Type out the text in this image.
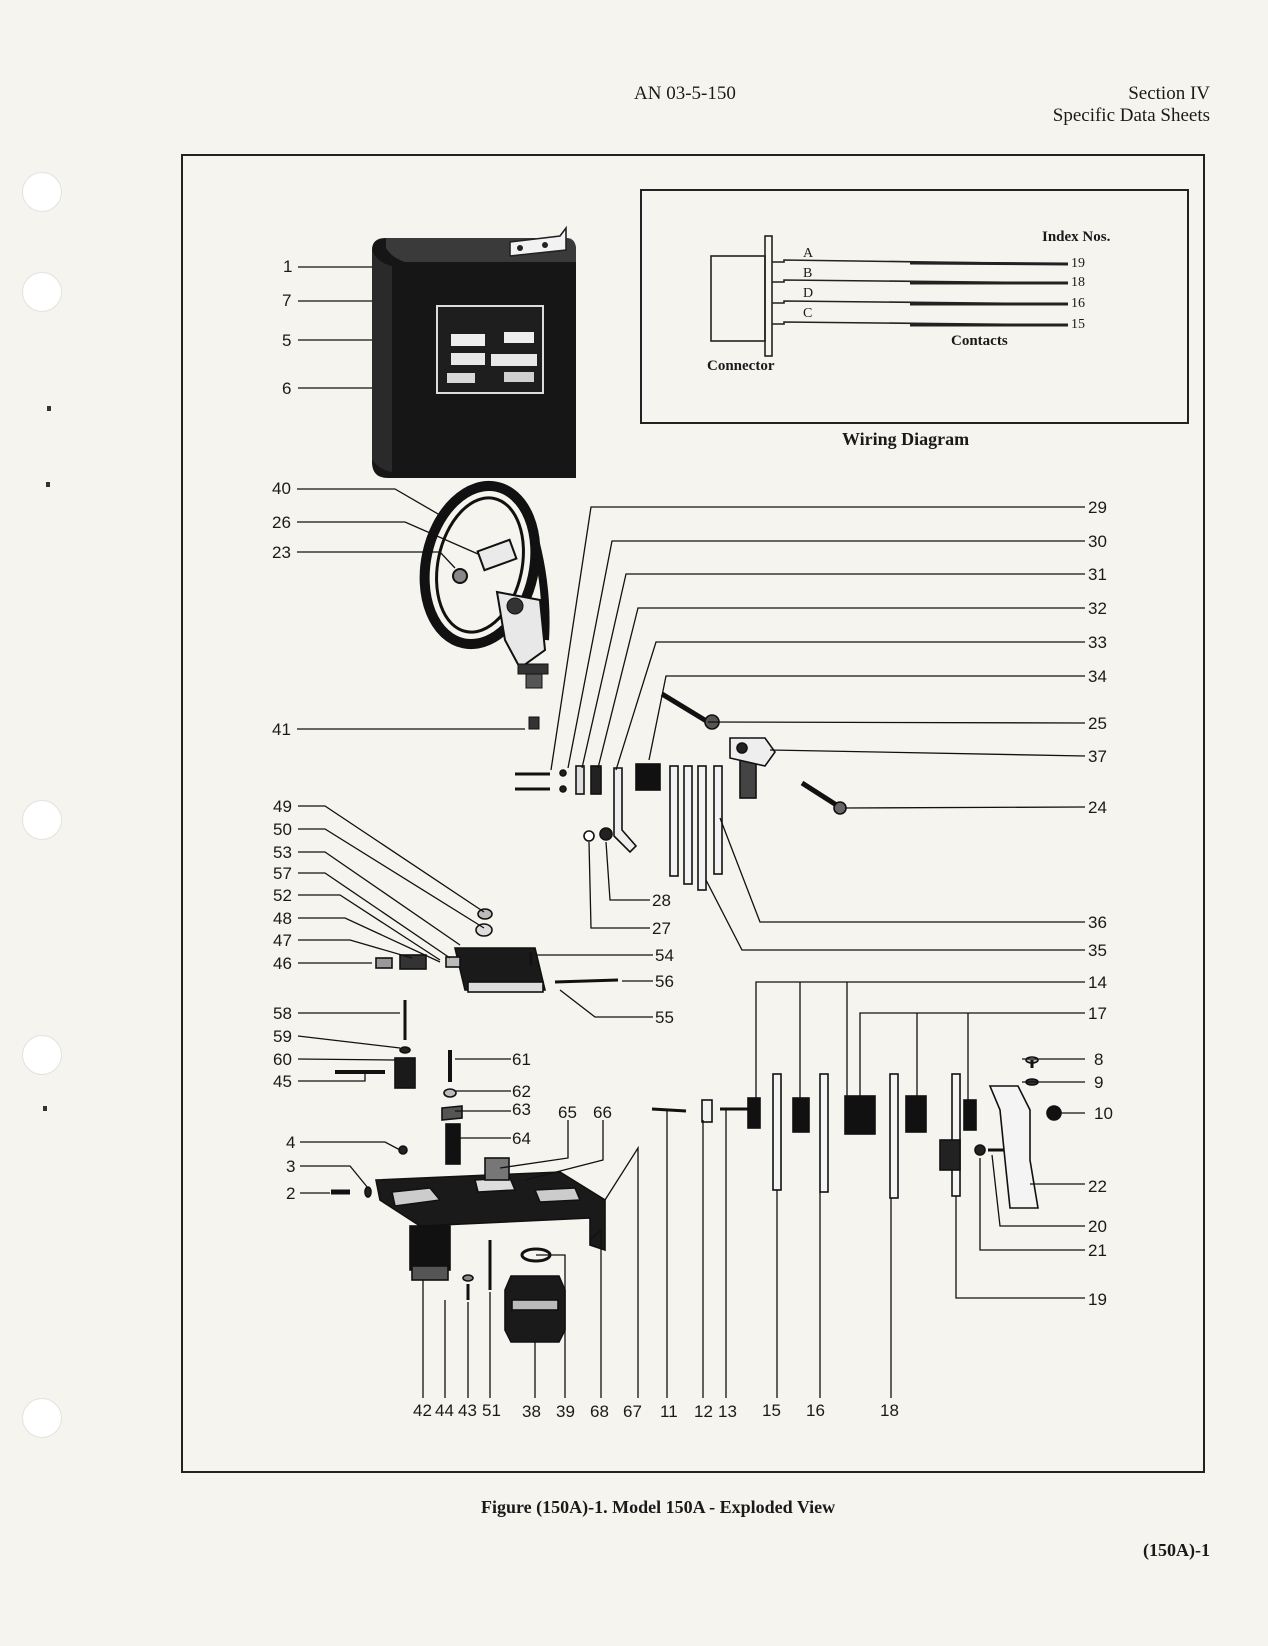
AN 03-5-150	Section IV
Specific Data Sheets
Index Nos.
A
B
D
C
19
18
16
15
Contacts
Connector
Wiring Diagram
1
7
5
6
40
26
23
41
49
50
53
57
52
48
47
46
58
59
60
45
4
3
2
28
27
54
56
55
61
62
63
64
65 66
29
30
31
32
33
34
25
37
24
36
35
14
17
8
9
10
22
20
21
19
42 44 43 51 38 39 68 67 11 12 13 15 16	18
Figure (150A)-1. Model 150A - Exploded View
(150A)-1
